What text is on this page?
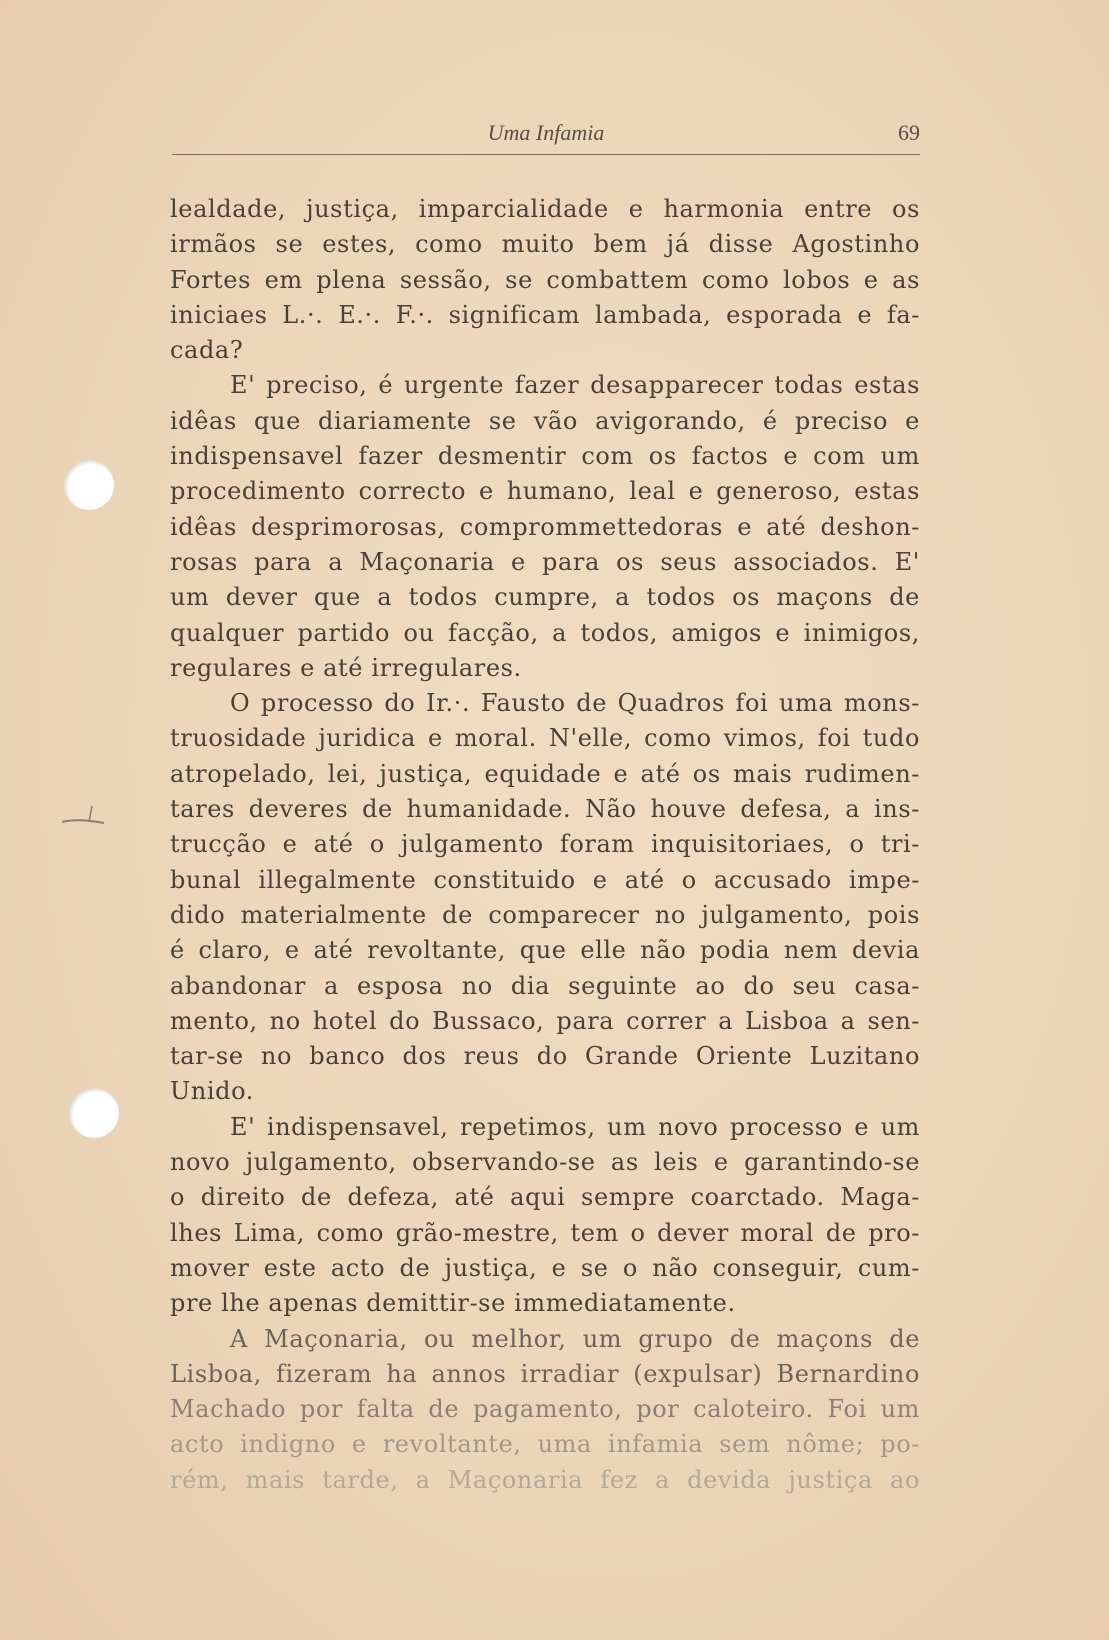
Uma Infamia	69
lealdade, justiça, imparcialidade e harmonia entre os
irmãos se estes, como muito bem já disse Agostinho
Fortes em plena sessão, se combattem como lobos e as
iniciaes L.·. E.·. F.·. significam lambada, esporada e fa-
cada?
E' preciso, é urgente fazer desapparecer todas estas
idêas que diariamente se vão avigorando, é preciso e
indispensavel fazer desmentir com os factos e com um
procedimento correcto e humano, leal e generoso, estas
idêas desprimorosas, comprommettedoras e até deshon-
rosas para a Maçonaria e para os seus associados. E'
um dever que a todos cumpre, a todos os maçons de
qualquer partido ou facção, a todos, amigos e inimigos,
regulares e até irregulares.
O processo do Ir.·. Fausto de Quadros foi uma mons-
truosidade juridica e moral. N'elle, como vimos, foi tudo
atropelado, lei, justiça, equidade e até os mais rudimen-
tares deveres de humanidade. Não houve defesa, a ins-
trucção e até o julgamento foram inquisitoriaes, o tri-
bunal illegalmente constituido e até o accusado impe-
dido materialmente de comparecer no julgamento, pois
é claro, e até revoltante, que elle não podia nem devia
abandonar a esposa no dia seguinte ao do seu casa-
mento, no hotel do Bussaco, para correr a Lisboa a sen-
tar-se no banco dos reus do Grande Oriente Luzitano
Unido.
E' indispensavel, repetimos, um novo processo e um
novo julgamento, observando-se as leis e garantindo-se
o direito de defeza, até aqui sempre coarctado. Maga-
lhes Lima, como grão-mestre, tem o dever moral de pro-
mover este acto de justiça, e se o não conseguir, cum-
pre lhe apenas demittir-se immediatamente.
A Maçonaria, ou melhor, um grupo de maçons de
Lisboa, fizeram ha annos irradiar (expulsar) Bernardino
Machado por falta de pagamento, por caloteiro. Foi um
acto indigno e revoltante, uma infamia sem nôme; po-
rém, mais tarde, a Maçonaria fez a devida justiça ao
